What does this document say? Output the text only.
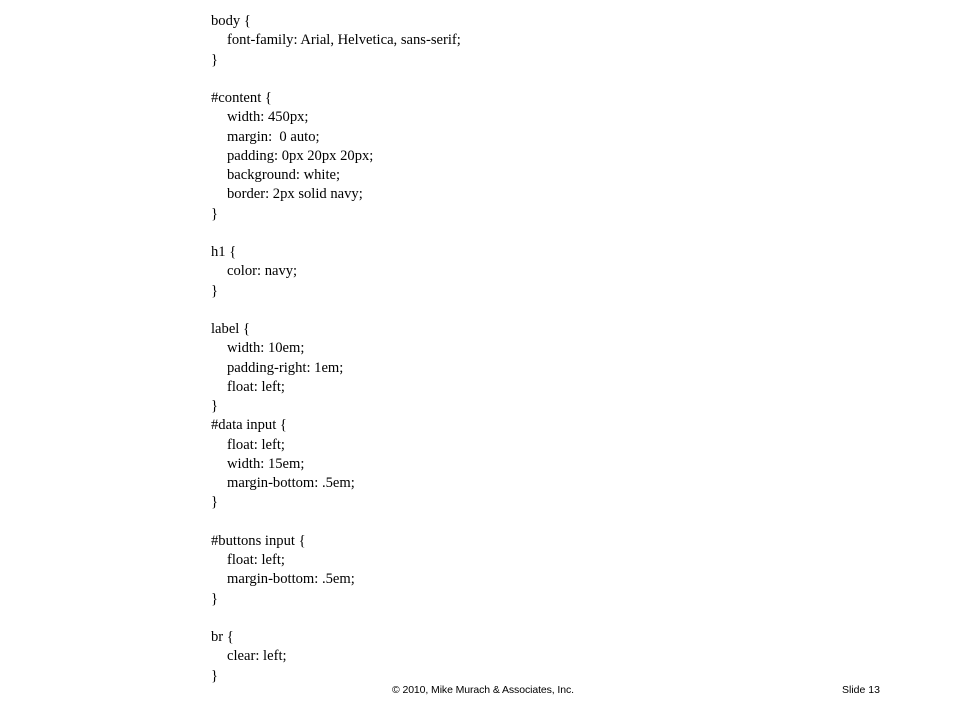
body {
font-family: Arial, Helvetica, sans-serif;
}
#content {
width: 450px;
margin:  0 auto;
padding: 0px 20px 20px;
background: white;
border: 2px solid navy;
}
h1 {
color: navy;
}
label {
width: 10em;
padding-right: 1em;
float: left;
}
#data input {
float: left;
width: 15em;
margin-bottom: .5em;
}
#buttons input {
float: left;
margin-bottom: .5em;
}
br {
clear: left;
}
© 2010, Mike Murach & Associates, Inc.	Slide 13
